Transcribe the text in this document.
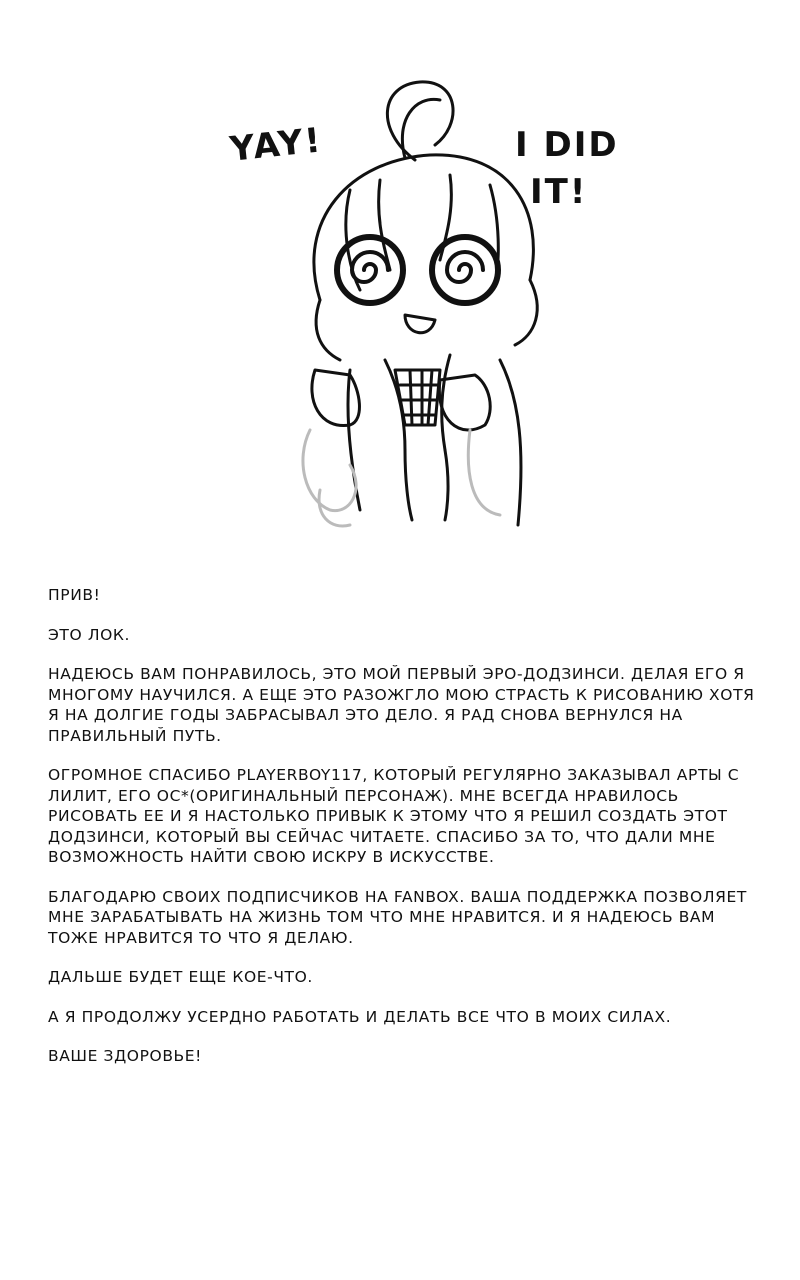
YAY!	I DID
IT!

ПРИВ!

ЭТО ЛОК.

НАДЕЮСЬ ВАМ ПОНРАВИЛОСЬ, ЭТО МОЙ ПЕРВЫЙ ЭРО-ДОДЗИНСИ. ДЕЛАЯ ЕГО Я МНОГОМУ НАУЧИЛСЯ. А ЕЩЕ ЭТО РАЗОЖГЛО МОЮ СТРАСТЬ К РИСОВАНИЮ ХОТЯ Я НА ДОЛГИЕ ГОДЫ ЗАБРАСЫВАЛ ЭТО ДЕЛО. Я РАД СНОВА ВЕРНУЛСЯ НА ПРАВИЛЬНЫЙ ПУТЬ.

ОГРОМНОЕ СПАСИБО PLAYERBOY117, КОТОРЫЙ РЕГУЛЯРНО ЗАКАЗЫВАЛ АРТЫ С ЛИЛИТ, ЕГО OC*(ОРИГИНАЛЬНЫЙ ПЕРСОНАЖ). МНЕ ВСЕГДА НРАВИЛОСЬ РИСОВАТЬ ЕЕ И Я НАСТОЛЬКО ПРИВЫК К ЭТОМУ ЧТО Я РЕШИЛ СОЗДАТЬ ЭТОТ ДОДЗИНСИ, КОТОРЫЙ ВЫ СЕЙЧАС ЧИТАЕТЕ. СПАСИБО ЗА ТО, ЧТО ДАЛИ МНЕ ВОЗМОЖНОСТЬ НАЙТИ СВОЮ ИСКРУ В ИСКУССТВЕ.

БЛАГОДАРЮ СВОИХ ПОДПИСЧИКОВ НА FANBOX. ВАША ПОДДЕРЖКА ПОЗВОЛЯЕТ МНЕ ЗАРАБАТЫВАТЬ НА ЖИЗНЬ ТОМ ЧТО МНЕ НРАВИТСЯ. И Я НАДЕЮСЬ ВАМ ТОЖЕ НРАВИТСЯ ТО ЧТО Я ДЕЛАЮ.

ДАЛЬШЕ БУДЕТ ЕЩЕ КОЕ-ЧТО.

А Я ПРОДОЛЖУ УСЕРДНО РАБОТАТЬ И ДЕЛАТЬ ВСЕ ЧТО В МОИХ СИЛАХ.

ВАШЕ ЗДОРОВЬЕ!
